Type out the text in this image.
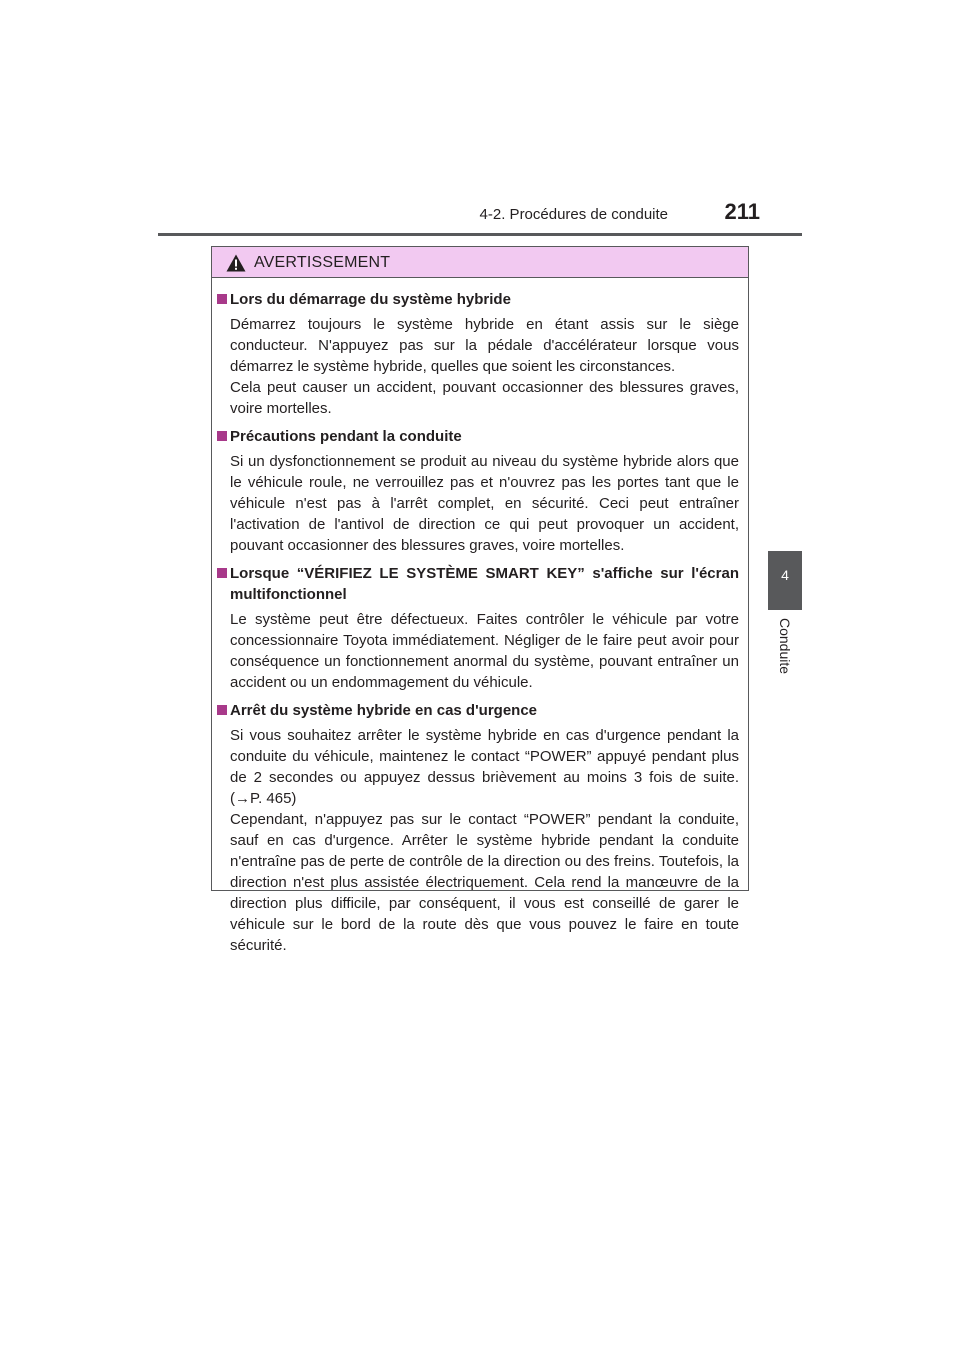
4-2. Procédures de conduite	211
4
Conduite
AVERTISSEMENT
Lors du démarrage du système hybride

Démarrez toujours le système hybride en étant assis sur le siège conducteur. N'appuyez pas sur la pédale d'accélérateur lorsque vous démarrez le système hybride, quelles que soient les circonstances.

Cela peut causer un accident, pouvant occasionner des blessures graves, voire mortelles.

Précautions pendant la conduite

Si un dysfonctionnement se produit au niveau du système hybride alors que le véhicule roule, ne verrouillez pas et n'ouvrez pas les portes tant que le véhicule n'est pas à l'arrêt complet, en sécurité. Ceci peut entraîner l'activation de l'antivol de direction ce qui peut provoquer un accident, pouvant occasionner des blessures graves, voire mortelles.

Lorsque “VÉRIFIEZ LE SYSTÈME SMART KEY” s'affiche sur l'écran multifonctionnel

Le système peut être défectueux. Faites contrôler le véhicule par votre concessionnaire Toyota immédiatement. Négliger de le faire peut avoir pour conséquence un fonctionnement anormal du système, pouvant entraîner un accident ou un endommagement du véhicule.

Arrêt du système hybride en cas d'urgence

Si vous souhaitez arrêter le système hybride en cas d'urgence pendant la conduite du véhicule, maintenez le contact “POWER” appuyé pendant plus de 2 secondes ou appuyez dessus brièvement au moins 3 fois de suite. (→P. 465)

Cependant, n'appuyez pas sur le contact “POWER” pendant la conduite, sauf en cas d'urgence. Arrêter le système hybride pendant la conduite n'entraîne pas de perte de contrôle de la direction ou des freins. Toutefois, la direction n'est plus assistée électriquement. Cela rend la manœuvre de la direction plus difficile, par conséquent, il vous est conseillé de garer le véhicule sur le bord de la route dès que vous pouvez le faire en toute sécurité.
